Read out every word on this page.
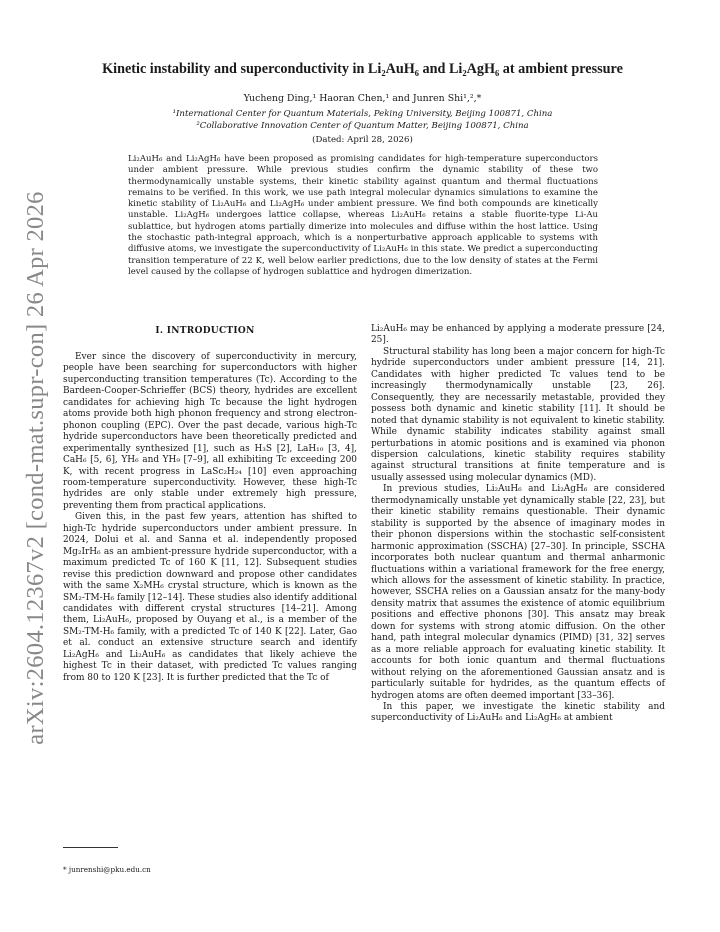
arXiv:2604.12367v2 [cond-mat.supr-con] 26 Apr 2026
Kinetic instability and superconductivity in Li₂AuH₆ and Li₂AgH₆ at ambient pressure
Yucheng Ding,¹ Haoran Chen,¹ and Junren Shi¹,²,*
¹International Center for Quantum Materials, Peking University, Beijing 100871, China
²Collaborative Innovation Center of Quantum Matter, Beijing 100871, China
(Dated: April 28, 2026)
Li₂AuH₆ and Li₂AgH₆ have been proposed as promising candidates for high-temperature superconductors under ambient pressure. While previous studies confirm the dynamic stability of these two thermodynamically unstable systems, their kinetic stability against quantum and thermal fluctuations remains to be verified. In this work, we use path integral molecular dynamics simulations to examine the kinetic stability of Li₂AuH₆ and Li₂AgH₆ under ambient pressure. We find both compounds are kinetically unstable. Li₂AgH₆ undergoes lattice collapse, whereas Li₂AuH₆ retains a stable fluorite-type Li-Au sublattice, but hydrogen atoms partially dimerize into molecules and diffuse within the host lattice. Using the stochastic path-integral approach, which is a nonperturbative approach applicable to systems with diffusive atoms, we investigate the superconductivity of Li₂AuH₆ in this state. We predict a superconducting transition temperature of 22 K, well below earlier predictions, due to the low density of states at the Fermi level caused by the collapse of hydrogen sublattice and hydrogen dimerization.
I. INTRODUCTION

Ever since the discovery of superconductivity in mercury, people have been searching for superconductors with higher superconducting transition temperatures (Tc). According to the Bardeen-Cooper-Schrieffer (BCS) theory, hydrides are excellent candidates for achieving high Tc because the light hydrogen atoms provide both high phonon frequency and strong electron-phonon coupling (EPC). Over the past decade, various high-Tc hydride superconductors have been theoretically predicted and experimentally synthesized [1], such as H₃S [2], LaH₁₀ [3, 4], CaH₆ [5, 6], YH₆ and YH₉ [7–9], all exhibiting Tc exceeding 200 K, with recent progress in LaSc₂H₂₄ [10] even approaching room-temperature superconductivity. However, these high-Tc hydrides are only stable under extremely high pressure, preventing them from practical applications.

Given this, in the past few years, attention has shifted to high-Tc hydride superconductors under ambient pressure. In 2024, Dolui et al. and Sanna et al. independently proposed Mg₂IrH₆ as an ambient-pressure hydride superconductor, with a maximum predicted Tc of 160 K [11, 12]. Subsequent studies revise this prediction downward and propose other candidates with the same X₂MH₆ crystal structure, which is known as the SM₂-TM-H₆ family [12–14]. These studies also identify additional candidates with different crystal structures [14–21]. Among them, Li₂AuH₆, proposed by Ouyang et al., is a member of the SM₂-TM-H₆ family, with a predicted Tc of 140 K [22]. Later, Gao et al. conduct an extensive structure search and identify Li₂AgH₆ and Li₂AuH₆ as candidates that likely achieve the highest Tc in their dataset, with predicted Tc values ranging from 80 to 120 K [23]. It is further predicted that the Tc of

Li₂AuH₆ may be enhanced by applying a moderate pressure [24, 25].

Structural stability has long been a major concern for high-Tc hydride superconductors under ambient pressure [14, 21]. Candidates with higher predicted Tc values tend to be increasingly thermodynamically unstable [23, 26]. Consequently, they are necessarily metastable, provided they possess both dynamic and kinetic stability [11]. It should be noted that dynamic stability is not equivalent to kinetic stability. While dynamic stability indicates stability against small perturbations in atomic positions and is examined via phonon dispersion calculations, kinetic stability requires stability against structural transitions at finite temperature and is usually assessed using molecular dynamics (MD).

In previous studies, Li₂AuH₆ and Li₂AgH₆ are considered thermodynamically unstable yet dynamically stable [22, 23], but their kinetic stability remains questionable. Their dynamic stability is supported by the absence of imaginary modes in their phonon dispersions within the stochastic self-consistent harmonic approximation (SSCHA) [27–30]. In principle, SSCHA incorporates both nuclear quantum and thermal anharmonic fluctuations within a variational framework for the free energy, which allows for the assessment of kinetic stability. In practice, however, SSCHA relies on a Gaussian ansatz for the many-body density matrix that assumes the existence of atomic equilibrium positions and effective phonons [30]. This ansatz may break down for systems with strong atomic diffusion. On the other hand, path integral molecular dynamics (PIMD) [31, 32] serves as a more reliable approach for evaluating kinetic stability. It accounts for both ionic quantum and thermal fluctuations without relying on the aforementioned Gaussian ansatz and is particularly suitable for hydrides, as the quantum effects of hydrogen atoms are often deemed important [33–36].

In this paper, we investigate the kinetic stability and superconductivity of Li₂AuH₆ and Li₂AgH₆ at ambient

* junrenshi@pku.edu.cn
